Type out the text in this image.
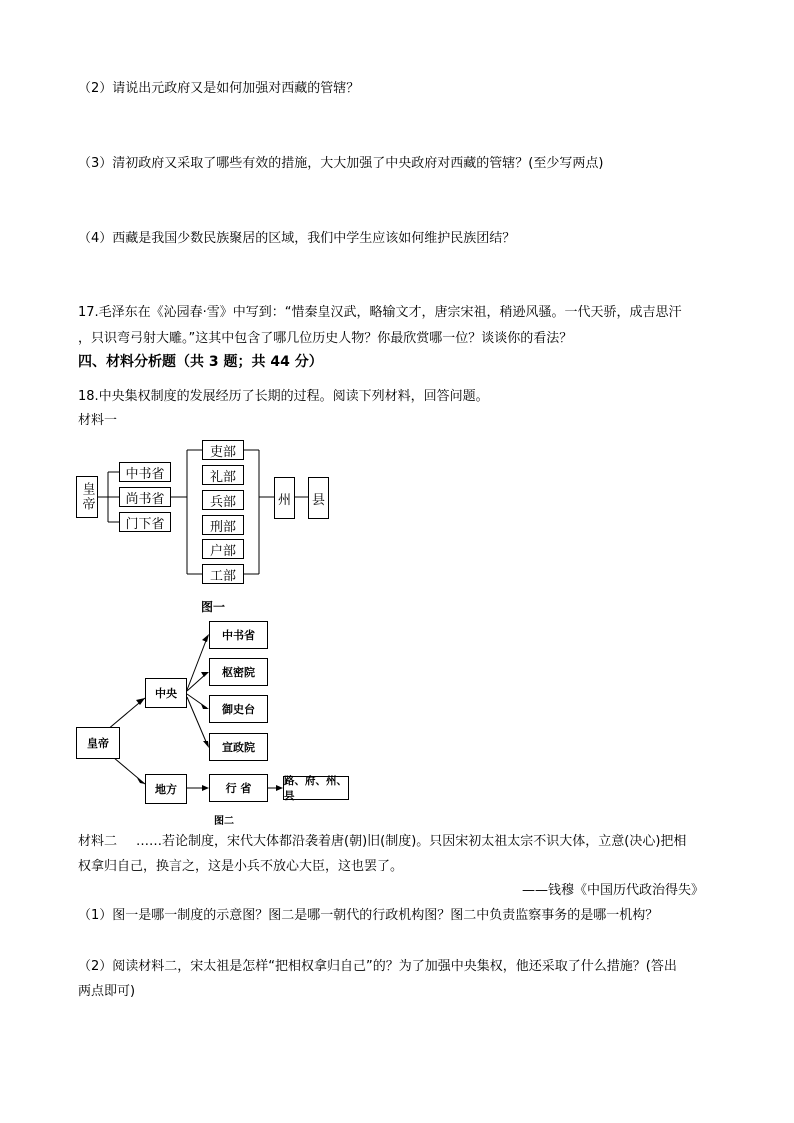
（2）请说出元政府又是如何加强对西藏的管辖？
（3）清初政府又采取了哪些有效的措施，大大加强了中央政府对西藏的管辖？(至少写两点)
（4）西藏是我国少数民族聚居的区域，我们中学生应该如何维护民族团结？
17.毛泽东在《沁园春·雪》中写到：“惜秦皇汉武，略输文才，唐宗宋祖，稍逊风骚。一代天骄，成吉思汗
，只识弯弓射大雕。”这其中包含了哪几位历史人物？你最欣赏哪一位？谈谈你的看法？
四、材料分析题（共 3 题；共 44 分）
18.中央集权制度的发展经历了长期的过程。阅读下列材料，回答问题。
材料一
皇帝
中书省
尚书省
门下省
吏部
礼部
兵部
刑部
户部
工部
州	县
图一
皇帝
中央
地方
中书省
枢密院
御史台
宣政院
行 省
路、府、州、县
图二
材料二 ……若论制度，宋代大体都沿袭着唐(朝)旧(制度)。只因宋初太祖太宗不识大体，立意(决心)把相
权拿归自己，换言之，这是小兵不放心大臣，这也罢了。
——钱穆《中国历代政治得失》
（1）图一是哪一制度的示意图？图二是哪一朝代的行政机构图？图二中负责监察事务的是哪一机构？
（2）阅读材料二，宋太祖是怎样“把相权拿归自己”的？为了加强中央集权，他还采取了什么措施？(答出
两点即可)
